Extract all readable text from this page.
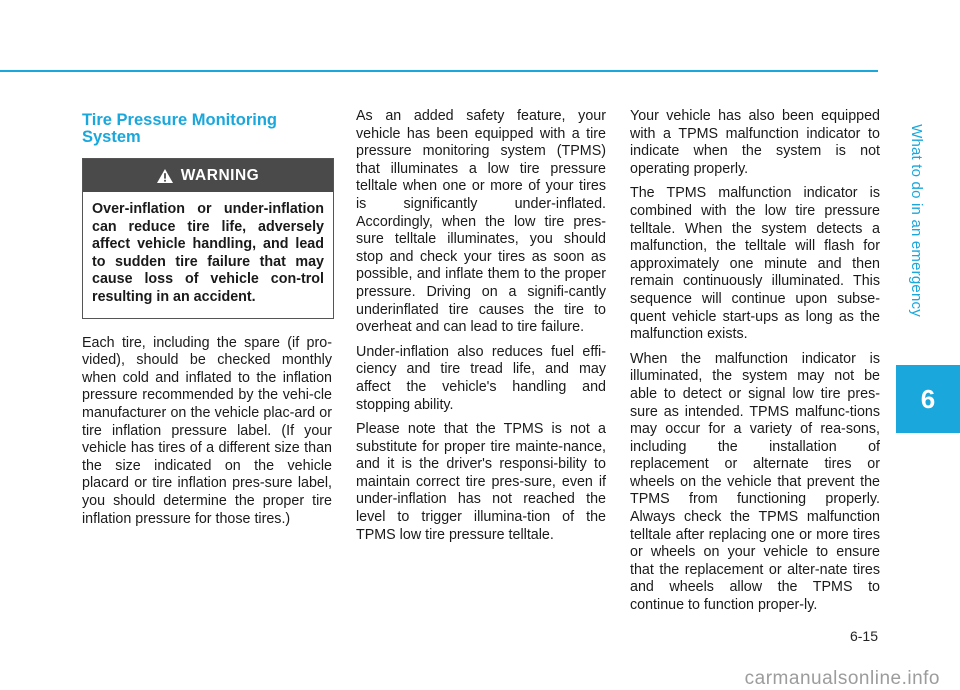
What to do in an emergency
6
Tire Pressure Monitoring System
WARNING
Over-inflation or under-inflation can reduce tire life, adversely affect vehicle handling, and lead to sudden tire failure that may cause loss of vehicle con-trol resulting in an accident.

Each tire, including the spare (if pro-vided), should be checked monthly when cold and inflated to the inflation pressure recommended by the vehi-cle manufacturer on the vehicle plac-ard or tire inflation pressure label. (If your vehicle has tires of a different size than the size indicated on the vehicle placard or tire inflation pres-sure label, you should determine the proper tire inflation pressure for those tires.)

As an added safety feature, your vehicle has been equipped with a tire pressure monitoring system (TPMS) that illuminates a low tire pressure telltale when one or more of your tires is significantly under-inflated. Accordingly, when the low tire pres-sure telltale illuminates, you should stop and check your tires as soon as possible, and inflate them to the proper pressure. Driving on a signifi-cantly underinflated tire causes the tire to overheat and can lead to tire failure.

Under-inflation also reduces fuel effi-ciency and tire tread life, and may affect the vehicle's handling and stopping ability.

Please note that the TPMS is not a substitute for proper tire mainte-nance, and it is the driver's responsi-bility to maintain correct tire pres-sure, even if under-inflation has not reached the level to trigger illumina-tion of the TPMS low tire pressure telltale.

Your vehicle has also been equipped with a TPMS malfunction indicator to indicate when the system is not operating properly.

The TPMS malfunction indicator is combined with the low tire pressure telltale. When the system detects a malfunction, the telltale will flash for approximately one minute and then remain continuously illuminated. This sequence will continue upon subse-quent vehicle start-ups as long as the malfunction exists.

When the malfunction indicator is illuminated, the system may not be able to detect or signal low tire pres-sure as intended. TPMS malfunc-tions may occur for a variety of rea-sons, including the installation of replacement or alternate tires or wheels on the vehicle that prevent the TPMS from functioning properly. Always check the TPMS malfunction telltale after replacing one or more tires or wheels on your vehicle to ensure that the replacement or alter-nate tires and wheels allow the TPMS to continue to function proper-ly.

6-15
carmanualsonline.info
